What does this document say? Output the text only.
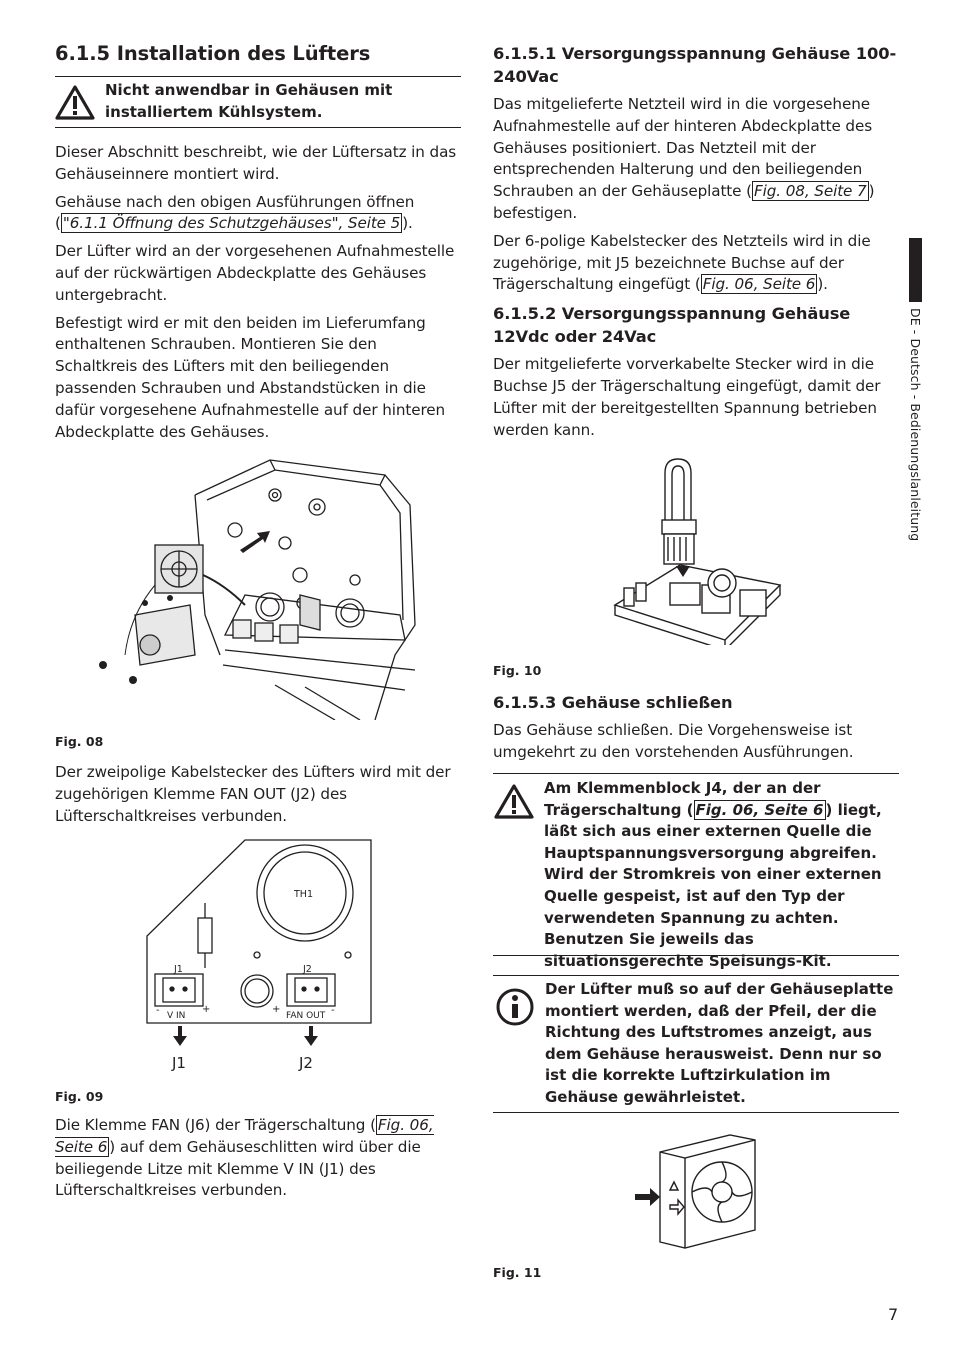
6.1.5 Installation des Lüfters
Nicht anwendbar in Gehäusen mit installiertem Kühlsystem.

Dieser Abschnitt beschreibt, wie der Lüftersatz in das Gehäuseinnere montiert wird.

Gehäuse nach den obigen Ausführungen öffnen ( "6.1.1 Öffnung des Schutzgehäuses", Seite 5 ).

Der Lüfter wird an der vorgesehenen Aufnahmestelle auf der rückwärtigen Abdeckplatte des Gehäuses untergebracht.

Befestigt wird er mit den beiden im Lieferumfang enthaltenen Schrauben. Montieren Sie den Schaltkreis des Lüfters mit den beiliegenden passenden Schrauben und Abstandstücken in die dafür vorgesehene Aufnahmestelle auf der hinteren Abdeckplatte des Gehäuses.

Fig. 08

Der zweipolige Kabelstecker des Lüfters wird mit der zugehörigen Klemme FAN OUT (J2) des Lüfterschaltkreises verbunden.

TH1
J1	J2
V IN	FAN OUT
-	+	+	-
J1	J2
Fig. 09

Die Klemme FAN (J6) der Trägerschaltung ( Fig. 06, Seite 6 ) auf dem Gehäuseschlitten wird über die beiliegende Litze mit Klemme V IN (J1) des Lüfterschaltkreises verbunden.

6.1.5.1 Versorgungsspannung Gehäuse 100-240Vac

Das mitgelieferte Netzteil wird in die vorgesehene Aufnahmestelle auf der hinteren Abdeckplatte des Gehäuses positioniert. Das Netzteil mit der entsprechenden Halterung und den beiliegenden Schrauben an der Gehäuseplatte ( Fig. 08, Seite 7 ) befestigen.

Der 6-polige Kabelstecker des Netzteils wird in die zugehörige, mit J5 bezeichnete Buchse auf der Trägerschaltung eingefügt ( Fig. 06, Seite 6 ).

6.1.5.2 Versorgungsspannung Gehäuse 12Vdc oder 24Vac

Der mitgelieferte vorverkabelte Stecker wird in die Buchse J5 der Trägerschaltung eingefügt, damit der Lüfter mit der bereitgestellten Spannung betrieben werden kann.

Fig. 10
6.1.5.3 Gehäuse schließen

Das Gehäuse schließen. Die Vorgehensweise ist umgekehrt zu den vorstehenden Ausführungen.

Am Klemmenblock J4, der an der Trägerschaltung ( Fig. 06, Seite 6 ) liegt, läßt sich aus einer externen Quelle die Hauptspannungsversorgung abgreifen. Wird der Stromkreis von einer externen Quelle gespeist, ist auf den Typ der verwendeten Spannung zu achten. Benutzen Sie jeweils das situationsgerechte Speisungs-Kit.
Der Lüfter muß so auf der Gehäuseplatte montiert werden, daß der Pfeil, der die Richtung des Luftstromes anzeigt, aus dem Gehäuse herausweist. Denn nur so ist die korrekte Luftzirkulation im Gehäuse gewährleistet.
Fig. 11
DE - Deutsch - Bedienungslanleitung
7
